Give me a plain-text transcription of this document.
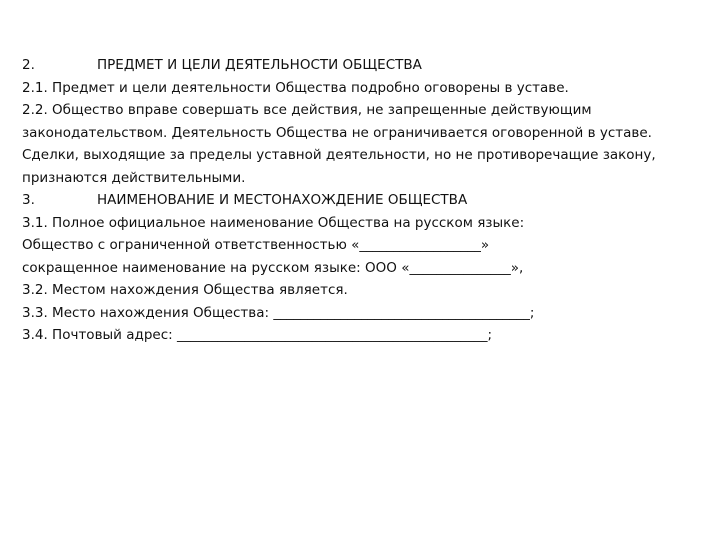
2.	ПРЕДМЕТ И ЦЕЛИ ДЕЯТЕЛЬНОСТИ ОБЩЕСТВА
2.1. Предмет и цели деятельности Общества подробно оговорены в уставе.
2.2. Общество вправе совершать все действия, не запрещенные действующим
законодательством. Деятельность Общества не ограничивается оговоренной в уставе.
Сделки, выходящие за пределы уставной деятельности, но не противоречащие закону,
признаются действительными.
3.	НАИМЕНОВАНИЕ И МЕСТОНАХОЖДЕНИЕ ОБЩЕСТВА
3.1. Полное официальное наименование Общества на русском языке:
Общество с ограниченной ответственностью «__________________»
сокращенное наименование на русском языке: ООО «_______________»,
3.2. Местом нахождения Общества является.
3.3. Место нахождения Общества: ______________________________________;
3.4. Почтовый адрес: ______________________________________________;
